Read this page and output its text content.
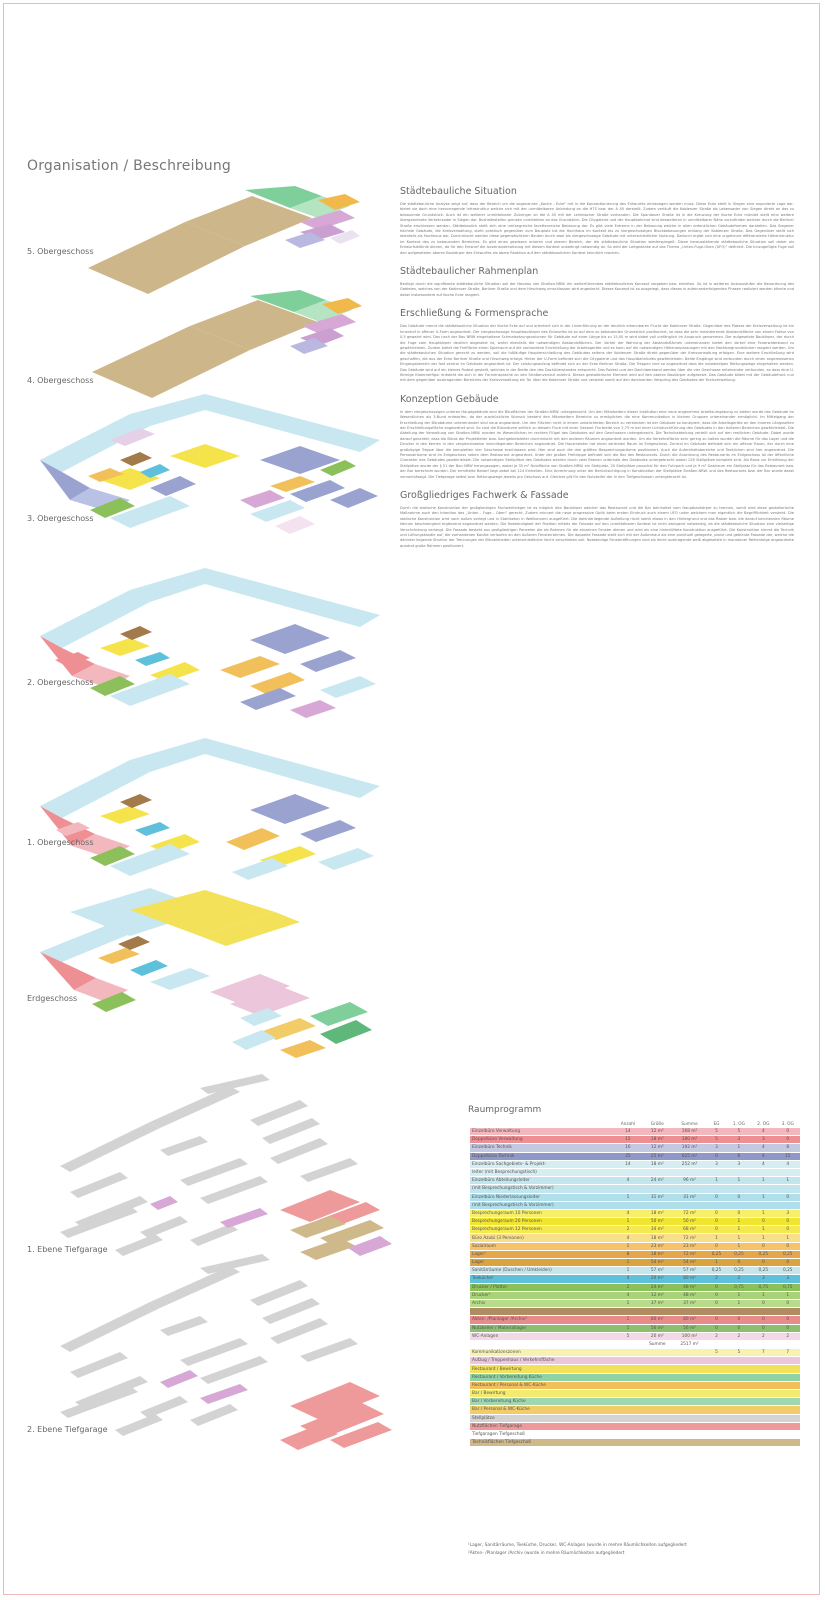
Organisation / Beschreibung
5. Obergeschoss
4. Obergeschoss
3. Obergeschoss
2. Obergeschoss
1. Obergeschoss
Erdgeschoss
1. Ebene Tiefgarage
2. Ebene Tiefgarage
Städtebauliche Situation
Die städtebauliche Analyse zeigt auf, dass der Bereich um die sogenannte „Koche - Ecke" mit in die Konzeptionierung des Entwurfes einbezogen werden muss. Diese Ecke stellt in Siegen eine exponierte Lage dar, bietet sie doch eine hervorragende Infrastruktur welche sich mit der unmittelbaren Anbindung an die HTS bzw. der A 45 darstellt. Zudem verläuft die Koblenzer Straße als Lebensader von Siegen direkt an das zu bebauende Grundstück. Auch ist ein weiterer unmittelbarer Zubringer an die A 45 mit der Leimbacher Straße vorhanden. Die Spandauer Straße ist in die Kreuzung der Koche Ecke mündet stellt eine weitere übergeordnete Verkehrsader in Siegen dar. Bushaltestellen grenzen unmittelbar an das Grundstück. Die Citygalerie und der Hauptbahnhof sind desweiteren in unmittelbarer Nähe vorzufinden welcher durch die Berliner Straße erschlossen werden. Städtebaulich stellt sich eine umfangreiche facettenreiche Bebauung dar. Es gibt viele Extreme in der Bebauung welche in allen erdenklichen Gebäudeformen darstellen. Das Siegener höchste Gebäude, die Kreisverwaltung, steht praktisch gegenüber zum Bauplatz bis die Hochhaus im Kontext bis zu viergeschossigen Blockbebauungen entlang der Koblenzer Straße. Das Gegenüber stellt sich ebenfalls als Hochhaus dar. Durchmischt werden diese gegensätzlichen Bauten durch zwei bis viergeschossige Gebäude mit unterschiedlicher Nutzung. Dadurch ergibt sich eine ungeheure differenzierte Höhenstruktur im Kontext des zu bebauenden Bereiches. Es gibt einen gewissen unteren und oberen Bereich, der die städtebauliche Situation wiederspiegelt. Diese herausstehende städtebauliche Situation soll daher als Entwurfsleitlinie dienen, da für den Entwurf die Auseinandersetzung mit diesem Kontext unbedingt notwendig ist. So wird der Leitgedanke auf das Thema „Unten-Fuge-Oben (UFO)" definiert. Die hinzugefügte Fuge soll den aufgesetzten oberen Baukörper des Entwurfes als obere Reaktion auf den städtebaulichen Kontext kenntlich machen.
Städtebaulicher Rahmenplan
Bedingt durch die signifikante städtebauliche Situation soll der Neubau von Straßen.NRW. ein weiterführendes städtebauliches Konzept vorgeben bzw. einleiten. So ist in weiteren Ausbaustufen die Neuordnung des Gebietes, welches von der Koblenzer Straße, Berliner Straße und dem Hirschweg umschlossen wird angedacht. Dieses Konzept ist so ausgelegt, dass dieses in aufeinanderfolgenden Phasen realisiert werden könnte und dabei insbesondere auf Koche Ecke reagiert.
Erschließung & Formensprache
Das Gebäude nimmt die städtebauliche Situation der Koche Ecke auf und orientiert sich in der Linienführung an der deutlich erkennbaren Flucht der Koblenzer Straße. Gegenüber des Platzes der Kreisverwaltung ist ein Innenhof in offener U-Form angeordnet. Der viergeschossige Hauptbaukörper des Entwurfes ist so auf dem zu bebauenden Grundstück positioniert, so dass die sehr meanderende Abstandsfläche von einem Faktor von 0,5 gewahrt wird. Das nach der Bau NRW eingehaltene Schmalsetzungsvolumen für Gebäude auf einer Länge bis zu 15,00 m wird dabei voll umfänglich im Anspruch genommen. Der aufgesetzte Baukörper, der durch die Fuge vom Hauptkörper deutlich abgesetzt ist, wahrt ebenfalls die notwendigen Abstandsflächen. Der Vorteil der Wahrung der Abstandsflächen untereinander bietet den Vorteil eine Feuerwiderstand zu gewährleisten. Zudem bietet die Freifläche einen Spielraum auf die vorhandene Erschließung der Arbeitsgeräte und es kann auf die notwendigen Höhenanpassungen mit den Nachbargrundstücken reagiert werden. Um die städtebaulichen Situation gerecht zu werden, soll die fußläufige Haupterschließung des Gebäudes seitens der Koblenzer Straße direkt gegenüber der Kreisverwaltung erfolgen. Eine weitere Erschließung wird geschaffen, die aus der Ecke Berliner Straße und Hirschweg erfolgt. Hinter der U-Form befindet sich die Citygalerie und das Hauptbahnhofes gewährleisten. Beide Eingänge sind verbunden durch einen angemessenen Eingangsbereich der fast zentral im Gebäude angeordnet ist. Der Leistungsaufzug befindet sich an der Ecke Berliner Straße. Die Treppen sind so angeordnet dass die notwendigen Rettungswege eingehalten werden. Das Gebäude wird auf ein kleines Podest gestellt, welches in der Breite den des Dachüberstandes entspricht. Das Podest und der Dachüberstand werden über die vier Geschosse miteinander verbunden, so dass eine U-förmige Klammerfigur entsteht die sich in der Formensprache an den Straßenverlauf anlehnt. Dieses gestalterische Element wird auf den oberen Baukörper aufgesetzt. Das Gebäude bildet mit der Gebäudefront nun mit dem gegenüber auskragenden Bereiches der Kreisverwaltung ein Tor über die Koblenzer Straße und verweist somit auf den dominanten Verspring des Gebäudes der Kreisverwaltung.
Konzeption Gebäude
In dem viergeschossigen unteren Hauptgebäude sind die Büroflächen der Straßen.NRW. untergebracht. Um den Mitarbeitern dieser Institution eine neue angenehme Arbeitsumgebung zu bieten wurde das Gebäude im Wesentlichen als 3-Bund entworfen, da der ausdrückliche Wunsch besteht den Mitarbeitern Bereiche zu ermöglichen die eine Kommunikation in kleinen Gruppen untereinander ermöglicht. Im Mittelgang der Erschließung der Bürobäume untereinander sind neue angeordnet. Um den Flächen nicht in einem unbelichteten Bereich zu verstecken ist der Gebäude so konzipiert, dass die Arbeitsgeräte an den inneren Längsseiten der Erschließungsfläche angeordnet sind. So sind die Büroräume seitlich zu diesem Flure mit einer Gesamt Flurbreite von 2,75 m bei einer Lichtdurchführung des Gebäudes in den äußeren Bereichen gewährleistet. Die Abteilung der Verwaltung von Straßen.NRW. wurden im Wesentlichen im rechten Flügel des Gebäudes auf den Geschossen untergebracht. Die Technikabteilung verteilt sich auf den restlichen Gebäude. Dabei wurde darauf geachtet, dass die Büros der Projektleiter bzw. Sachgebietsleiter durchmischt mit den anderen Räumen angeordnet wurden. Um die Verkehrsfläche sehr gering zu halten wurden die Räume für das Lager und die Drucker in den Kernen in den vergleichsweise innenliegenden Bereichen angeordnet. Die Hausmeister hat einen zentralen Raum im Erdgeschoss. Zentral im Gebäude befindet sich ein offener Raum, der durch eine großzügige Treppe über die kompletten vier Geschosse erschlossen wird. Hier sind auch die drei größten Besprechungsräume positioniert. Auch die Aufenthaltsbereiche und Teeküchen sind hier angeordnet. Die Personalräume sind im Erdgeschoss neben dem Restaurant angeordnet. Unter der großen Freitreppe befindet sich die Bar des Restaurants. Durch die Anordnung des Restaurants im Erdgeschoss ist der öffentliche Charakter des Gebäudes gewährleistet. Die notwendigen Stellplätze des Gebäudes werden durch zwei Ebenen unterhalb des Gebäudes untergebracht wobei 126 Stellplätze komplett sind. Als Basis zur Ermittlung der Stellplätze wurde der § 51 der Bau NRW herangezogen, wobei je 35 m² Nutzfläche von Straßen.NRW. ein Stellplatz, 20 Stellplätze pauschal für den Fuhrpark und je 9 m² Gastraum ein Stellplatz für das Restaurant bzw. der Bar berechnet wurden. Der ermittelte Bedarf liegt dabei bei 124 Einheiten. Eine Anrechnung unter der Berücksichtigung in Kombination der Stellplätze Straßen.NRW. und des Restaurants bzw. der Bar wurde dabei vernachlässigt. Die Tiefgarage selbst bzw. Rettungswege jeweils pro Geschoss auf. Gleiches gilt für den Nutzkeller der in den Tiefgeschossen untergebracht ist.
Großgliedriges Fachwerk & Fassade
Durch die statische Konstruktion der großgliedrigen Fachwerkträger ist es möglich den Baukörper welcher das Restaurant und die Bar beinhaltet vom Hauptbaukörper zu trennen, somit wird diese gestalterische Maßnahme auch den Intention des „Unten - Fuge - Oben" gerecht. Zudem erinnert die neue progressive Optik beim ersten Eindruck auch einem UFO unter welchem man eigentlich die Begrifflichkeit versteht. Die statische Konstruktion wird nach außen verlegt und in Stahlbeton in Wellkonvent ausgeführt. Die dahinterliegende Aufteilung rückt somit etwas in den Hintergrund und das Raster bzw. die darauf beruhenden Räume können beschwingend ergänzend angeordnet werden. Die Notwendigkeit der Position mittels der Fassade auf den unmittelbaren Kontext ist nicht zwingend notwendig, da die städtebauliche Situation eine vielseitige Verschränkung verlangt. Die Fassade besteht aus großgliedrigen Paneelen die als Rahmen für die einzelnen Fenster dienen und wird als eine hinterlüftete Konstruktion ausgeführt. Die Konstruktion nimmt die Technik und Lüftungskanäle auf, die vorhandenen Kanäle verlaufen an den äußeren Fensterrahmen. Die doppelte Fassade stellt sich mit der Außenhaut als eine punktuell gelagerte, plane und gebürste Fassade dar, welche die dahinter liegende Struktur der Trennungen der Büroeinheiten unterschiedlicher leicht verschieben soll. Notwendige Fensteröffnungen sind als leicht auskragende weiß abgesetzte in monotoner Reihenfolge angeordnete quadrat große Rahmen positioniert.
Raumprogramm
	Anzahl	Größe	Summe	EG	1. OG	2. OG	3. OG
Einzelbüro Verwaltung	14	12 m²	168 m²	5	5	4	0
Doppelbüro Verwaltung	15	18 m²	180 m²	5	3	3	0
Einzelbüro Technik	16	12 m²	192 m²	3	1	4	8
Doppelbüro Technik	25	25 m²	625 m²	0	6	4	15
Einzelbüro Sachgebiets- & Projekt-	14	18 m²	252 m²	3	3	4	4
leiter (mit Besprechungstisch)							
Einzelbüro Abteilungsleiter	4	24 m²	96 m²	1	1	1	1
(mit Besprechungstisch & Vorzimmer)							
Einzelbüro Niederlassungsleiter	1	31 m²	31 m²	0	0	1	0
(mit Besprechungstisch & Vorzimmer)							
Besprechungsraum 10 Personen	4	18 m²	72 m²	0	0	1	3
Besprechungsraum 20 Personen	1	50 m²	50 m²	0	1	0	0
Besprechungsraum 12 Personen	2	34 m²	68 m²	0	1	1	0
Büro Azubi (3 Personen)	4	18 m²	72 m²	1	1	1	1
Sozialraum	1	23 m²	23 m²	0	1	0	0
Lager¹	8	18 m²	72 m²	0,25	0,25	0,25	0,25
Lager	1	54 m²	54 m²	1	0	0	0
Sanitärräume (Duschen / Umkleiden)	1	57 m²	57 m²	0,25	0,25	0,25	0,25
Teeküche¹	4	20 m²	80 m²	2	2	3	3
Drucker / Plotter	2	24 m²	48 m²	0	0,75	0,75	0,75
Drucker¹	4	12 m²	48 m²	0	1	1	1
Archiv	1	37 m²	37 m²	0	1	0	0

Akten- /Planlager /Archiv²	1	80 m²	80 m²	0	0	0	0
Nutzkeller / Materiallager	1	56 m²	56 m²	0	0	0	0
WC-Anlagen	5	20 m²	100 m²	2	2	2	2
		Summe	2517 m²				
Kommunikationszonen				5	5	7	7
Aufzug / Treppenhaus / Verkehrsfläche							
Restaurant / Bewirtung							
Restaurant / Vorbereitung Küche							
Restaurant / Personal & WC-Küche							
Bar / Bewirtung							
Bar / Vorbereitung Küche							
Bar / Personal & WC-Küche							
Stellplätze							
Nutzflächen Tiefgarage							
Tiefgaragen Tiefgeschoß							
Technikflächen Tiefgeschoß							
¹Lager, Sanitärräume, Teeküche, Drucker, WC-Anlagen (wurde in mehre Räumlichkeiten aufgegliedert
²Akten- /Planlager /Archiv (wurde in mehre Räumlichkeiten aufgegliedert
